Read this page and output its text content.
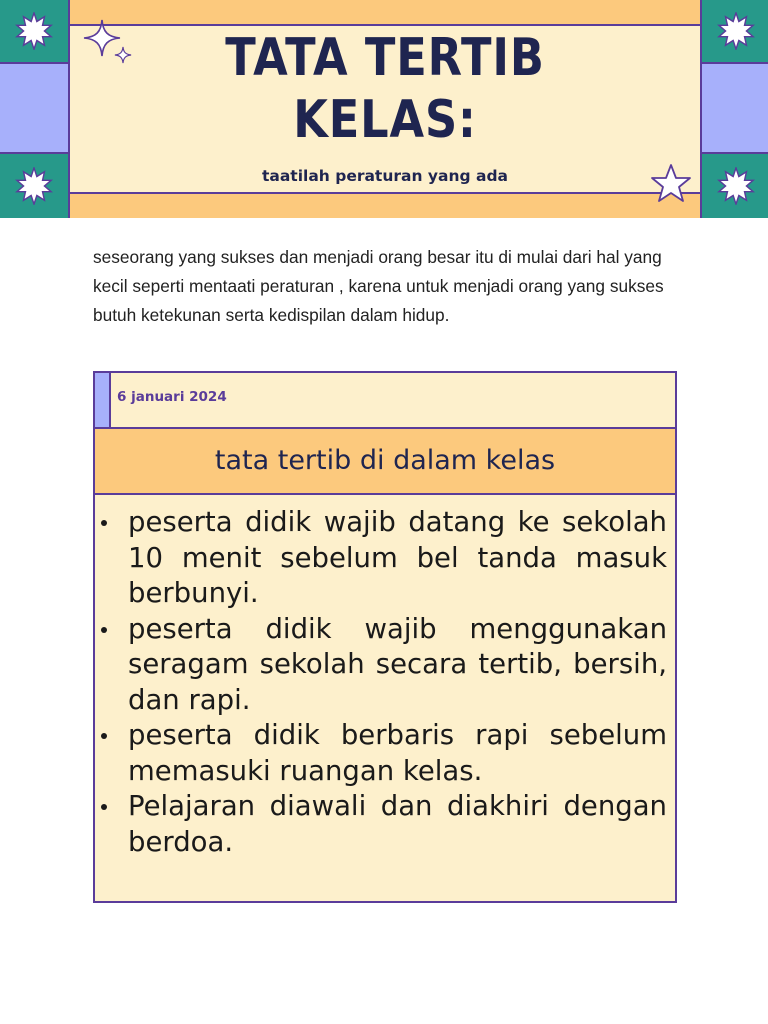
TATA TERTIB
KELAS:
taatilah peraturan yang ada

seseorang yang sukses dan menjadi orang besar itu di mulai dari hal yang kecil seperti mentaati peraturan , karena untuk menjadi orang yang sukses butuh ketekunan serta kedispilan dalam hidup.

6 januari 2024
tata tertib di dalam kelas
peserta didik wajib datang ke sekolah 10 menit sebelum bel tanda masuk berbunyi.
peserta didik wajib menggunakan seragam sekolah secara tertib, bersih, dan rapi.
peserta didik berbaris rapi sebelum memasuki ruangan kelas.
Pelajaran diawali dan diakhiri dengan berdoa.
